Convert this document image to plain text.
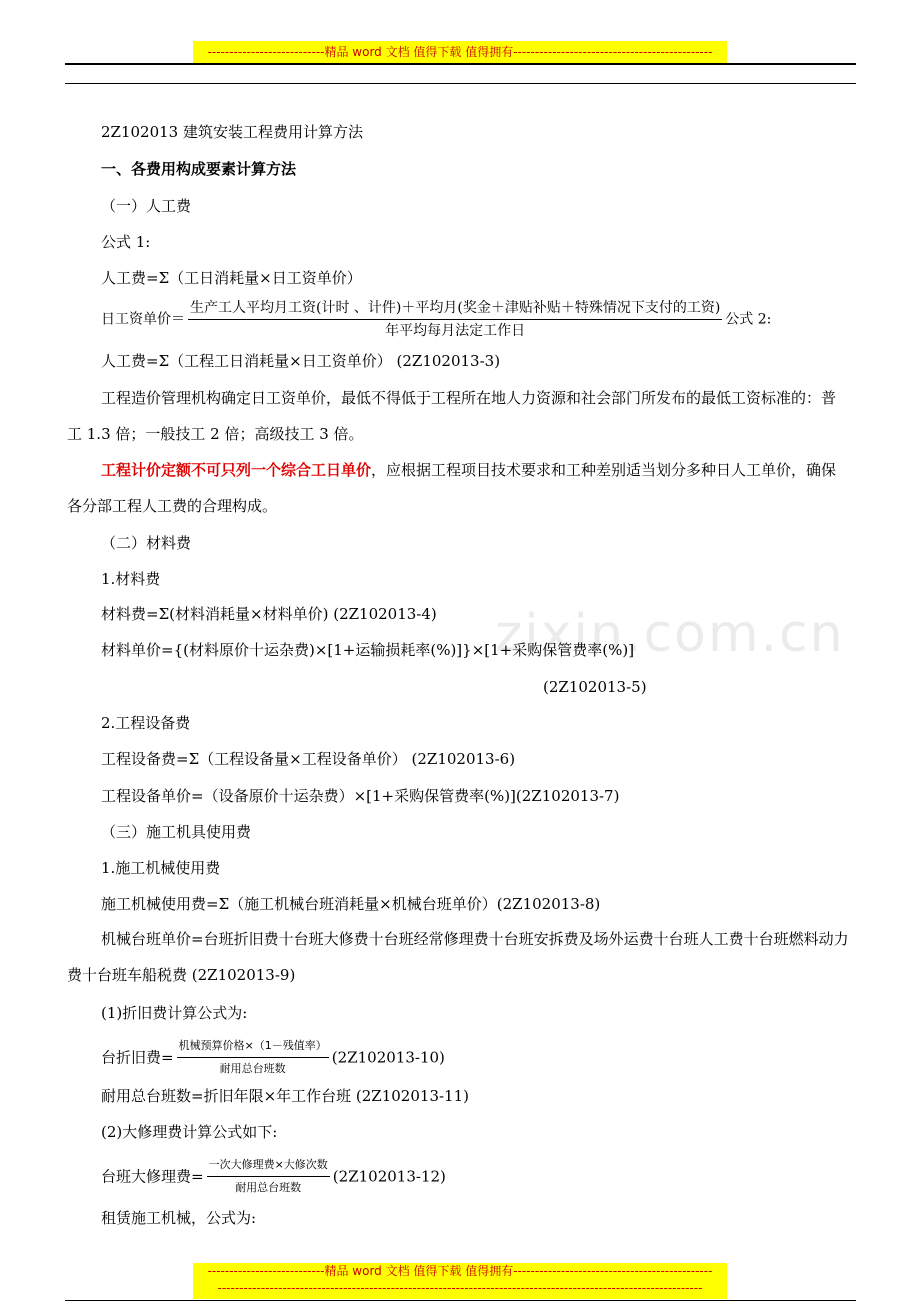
---------------------------精品 word 文档 值得下载 值得拥有----------------------------------------------
zixin.com.cn
2Z102013 建筑安装工程费用计算方法
一、各费用构成要素计算方法
（一）人工费
公式 1:
人工费=Σ（工日消耗量×日工资单价）
日工资单价＝ $\frac{\text{生产工人平均月工资(计时 、计件)＋平均月(奖金＋津贴补贴＋特殊情况下支付的工资)}}{\text{年平均每月法定工作日}}$ 公式 2:
人工费=Σ（工程工日消耗量×日工资单价） (2Z102013-3)
工程造价管理机构确定日工资单价，最低不得低于工程所在地人力资源和社会部门所发布的最低工资标准的：普工 1.3 倍；一般技工 2 倍；高级技工 3 倍。
工程计价定额不可只列一个综合工日单价，应根据工程项目技术要求和工种差别适当划分多种日人工单价，确保各分部工程人工费的合理构成。
（二）材料费
1.材料费
材料费=Σ(材料消耗量×材料单价) (2Z102013-4)
材料单价={(材料原价十运杂费)×[1+运输损耗率(%)]}×[1+采购保管费率(%)]
(2Z102013-5)
2.工程设备费
工程设备费=Σ（工程设备量×工程设备单价） (2Z102013-6)
工程设备单价=（设备原价十运杂费）×[1+采购保管费率(%)](2Z102013-7)
（三）施工机具使用费
1.施工机械使用费
施工机械使用费=Σ（施工机械台班消耗量×机械台班单价）(2Z102013-8)
机械台班单价=台班折旧费十台班大修费十台班经常修理费十台班安拆费及场外运费十台班人工费十台班燃料动力费十台班车船税费 (2Z102013-9)
(1)折旧费计算公式为:
台折旧费= $\frac{\text{机械预算价格×（1－残值率）}}{\text{耐用总台班数}} (2Z102013-10)$
耐用总台班数=折旧年限×年工作台班 (2Z102013-11)
(2)大修理费计算公式如下:
台班大修理费= $\frac{\text{一次大修理费×大修次数}}{\text{耐用总台班数}} (2Z102013-12)$
租赁施工机械，公式为:
---------------------------精品 word 文档 值得下载 值得拥有----------------------------------------------
----------------------------------------------------------------------------------------------------------------
